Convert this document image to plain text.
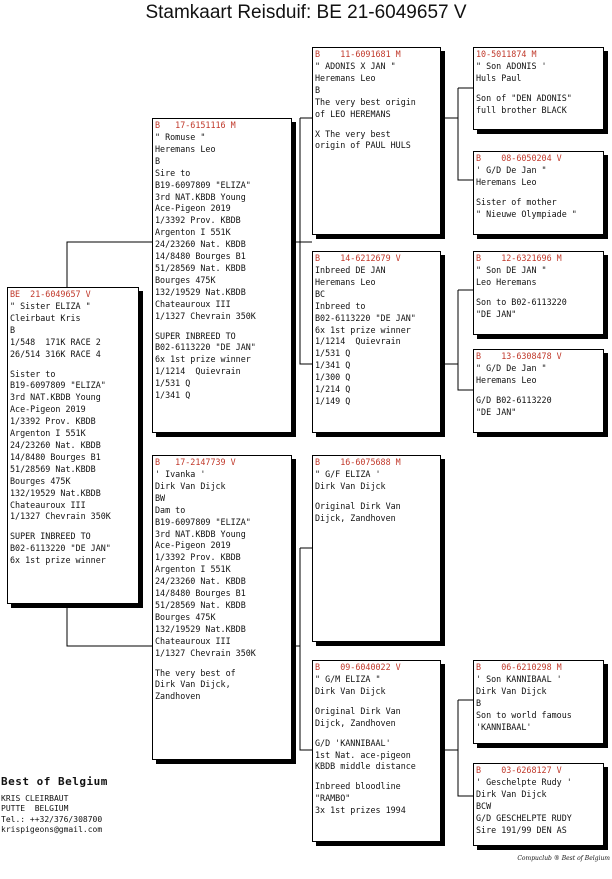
Stamkaart Reisduif: BE 21-6049657 V
BE  21-6049657 V
" Sister ELIZA "
Cleirbaut Kris
B
1/548  171K RACE 2
26/514 316K RACE 4
Sister to
B19-6097809 "ELIZA"
3rd NAT.KBDB Young
Ace-Pigeon 2019
1/3392 Prov. KBDB
Argenton I 551K
24/23260 Nat. KBDB
14/8480 Bourges B1
51/28569 Nat.KBDB
Bourges 475K
132/19529 Nat.KBDB
Chateauroux III
1/1327 Chevrain 350K
SUPER INBREED TO
B02-6113220 "DE JAN"
6x 1st prize winner
B   17-6151116 M
" Romuse "
Heremans Leo
B
Sire to
B19-6097809 "ELIZA"
3rd NAT.KBDB Young
Ace-Pigeon 2019
1/3392 Prov. KBDB
Argenton I 551K
24/23260 Nat. KBDB
14/8480 Bourges B1
51/28569 Nat. KBDB
Bourges 475K
132/19529 Nat.KBDB
Chateauroux III
1/1327 Chevrain 350K
SUPER INBREED TO
B02-6113220 "DE JAN"
6x 1st prize winner
1/1214  Quievrain
1/531 Q
1/341 Q
B   17-2147739 V
' Ivanka '
Dirk Van Dijck
BW
Dam to
B19-6097809 "ELIZA"
3rd NAT.KBDB Young
Ace-Pigeon 2019
1/3392 Prov. KBDB
Argenton I 551K
24/23260 Nat. KBDB
14/8480 Bourges B1
51/28569 Nat. KBDB
Bourges 475K
132/19529 Nat.KBDB
Chateauroux III
1/1327 Chevrain 350K
The very best of
Dirk Van Dijck,
Zandhoven
B    11-6091681 M
" ADONIS X JAN "
Heremans Leo
B
The very best origin
of LEO HEREMANS
X The very best
origin of PAUL HULS
B    14-6212679 V
Inbreed DE JAN
Heremans Leo
BC
Inbreed to
B02-6113220 "DE JAN"
6x 1st prize winner
1/1214  Quievrain
1/531 Q
1/341 Q
1/300 Q
1/214 Q
1/149 Q
B    16-6075688 M
" G/F ELIZA '
Dirk Van Dijck
Original Dirk Van
Dijck, Zandhoven
B    09-6040022 V
" G/M ELIZA "
Dirk Van Dijck
Original Dirk Van
Dijck, Zandhoven
G/D 'KANNIBAAL'
1st Nat. ace-pigeon
KBDB middle distance
Inbreed bloodline
"RAMBO"
3x 1st prizes 1994
10-5011874 M
" Son ADONIS '
Huls Paul
Son of "DEN ADONIS"
full brother BLACK
B    08-6050204 V
' G/D De Jan "
Heremans Leo
Sister of mother
" Nieuwe Olympiade "
B    12-6321696 M
" Son DE JAN "
Leo Heremans
Son to B02-6113220
"DE JAN"
B    13-6308478 V
" G/D De Jan "
Heremans Leo
G/D B02-6113220
"DE JAN"
B    06-6210298 M
' Son KANNIBAAL '
Dirk Van Dijck
B
Son to world famous
'KANNIBAAL'
B    03-6268127 V
' Geschelpte Rudy '
Dirk Van Dijck
BCW
G/D GESCHELPTE RUDY
Sire 191/99 DEN AS
Best of Belgium
KRIS CLEIRBAUT
PUTTE  BELGIUM
Tel.: ++32/376/308700
krispigeons@gmail.com
Compuclub ® Best of Belgium
